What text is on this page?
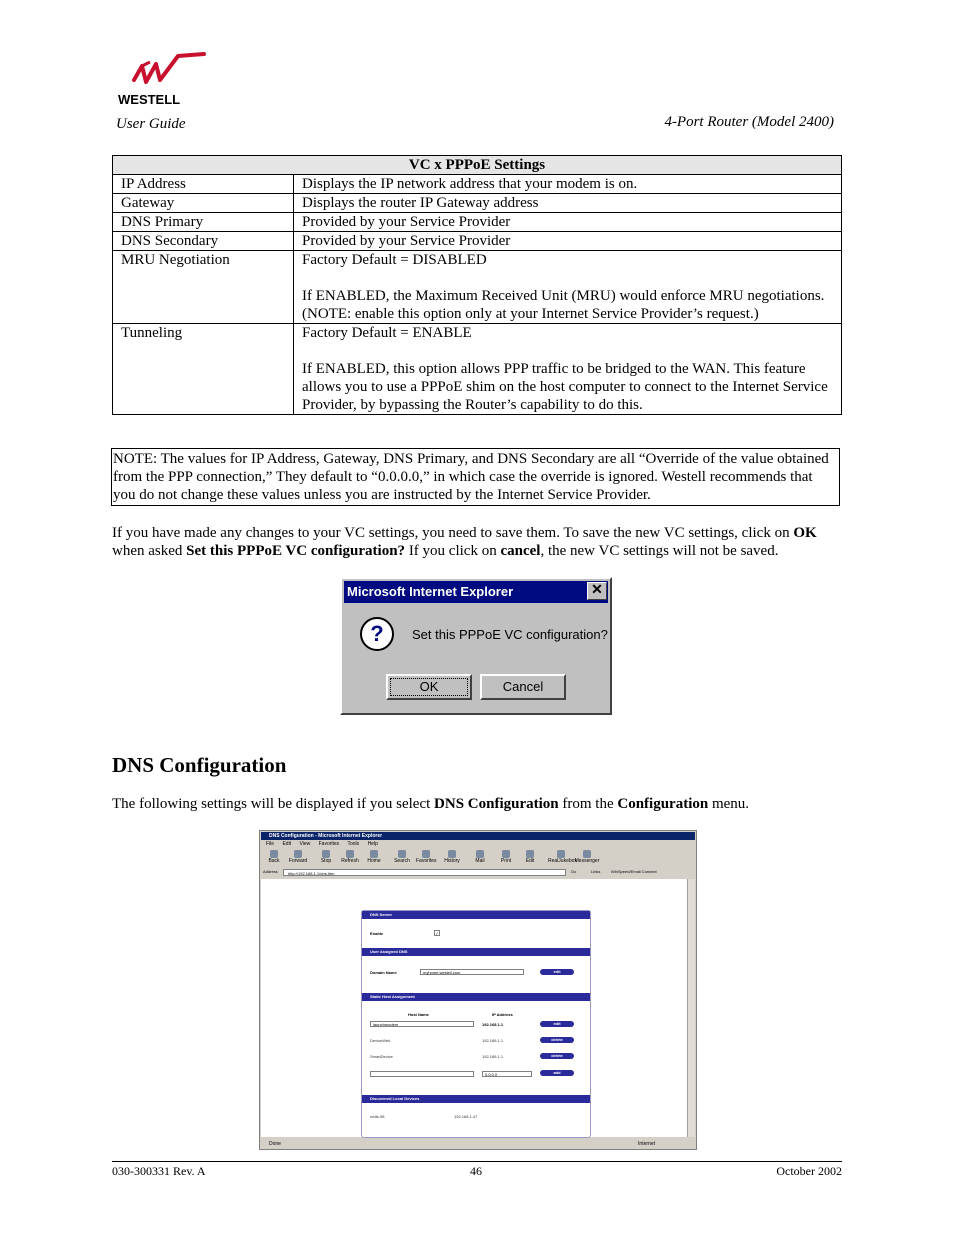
WESTELL
User Guide	4-Port Router (Model 2400)
VC x PPPoE Settings	
IP Address	Displays the IP network address that your modem is on.
Gateway	Displays the router IP Gateway address
DNS Primary	Provided by your Service Provider
DNS Secondary	Provided by your Service Provider
MRU Negotiation	Factory Default = DISABLED
If ENABLED, the Maximum Received Unit (MRU) would enforce MRU negotiations. (NOTE: enable this option only at your Internet Service Provider’s request.)

Tunneling	Factory Default = ENABLE
If ENABLED, this option allows PPP traffic to be bridged to the WAN. This feature allows you to use a PPPoE shim on the host computer to connect to the Internet Service Provider, by bypassing the Router’s capability to do this.
NOTE: The values for IP Address, Gateway, DNS Primary, and DNS Secondary are all “Override of the value obtained from the PPP connection,” They default to “0.0.0.0,” in which case the override is ignored. Westell recommends that you do not change these values unless you are instructed by the Internet Service Provider.
If you have made any changes to your VC settings, you need to save them. To save the new VC settings, click on OK when asked Set this PPPoE VC configuration? If you click on cancel, the new VC settings will not be saved.
Microsoft Internet Explorer	✕
?	Set this PPPoE VC configuration?
OK	Cancel
DNS Configuration
The following settings will be displayed if you select DNS Configuration from the Configuration menu.
DNS Configuration - Microsoft Internet Explorer
File Edit View Favorites Tools Help
Back	Forward	Stop	Refresh	Home	Search	Favorites	History	Mail	Print	Edit	RealJukebox
Messenger
Address	http://192.168.1.1/dns.htm	Go	Links	WinSpeed/Email Connect
DNS Server
Enable	✓
User Assigned DNS
Domain Name	myhome.westell.com	edit
Static Host Assignment
Host Name	IP Address
launchmodem	192.168.1.1	edit
DeviceWeb	192.168.1.1	delete
SmartDevice	192.168.1.1	delete
0.0.0.0	add
Discovered Local Devices
redis-98	192.168.1.47
Done	Internet
030-300331 Rev. A	46	October 2002
